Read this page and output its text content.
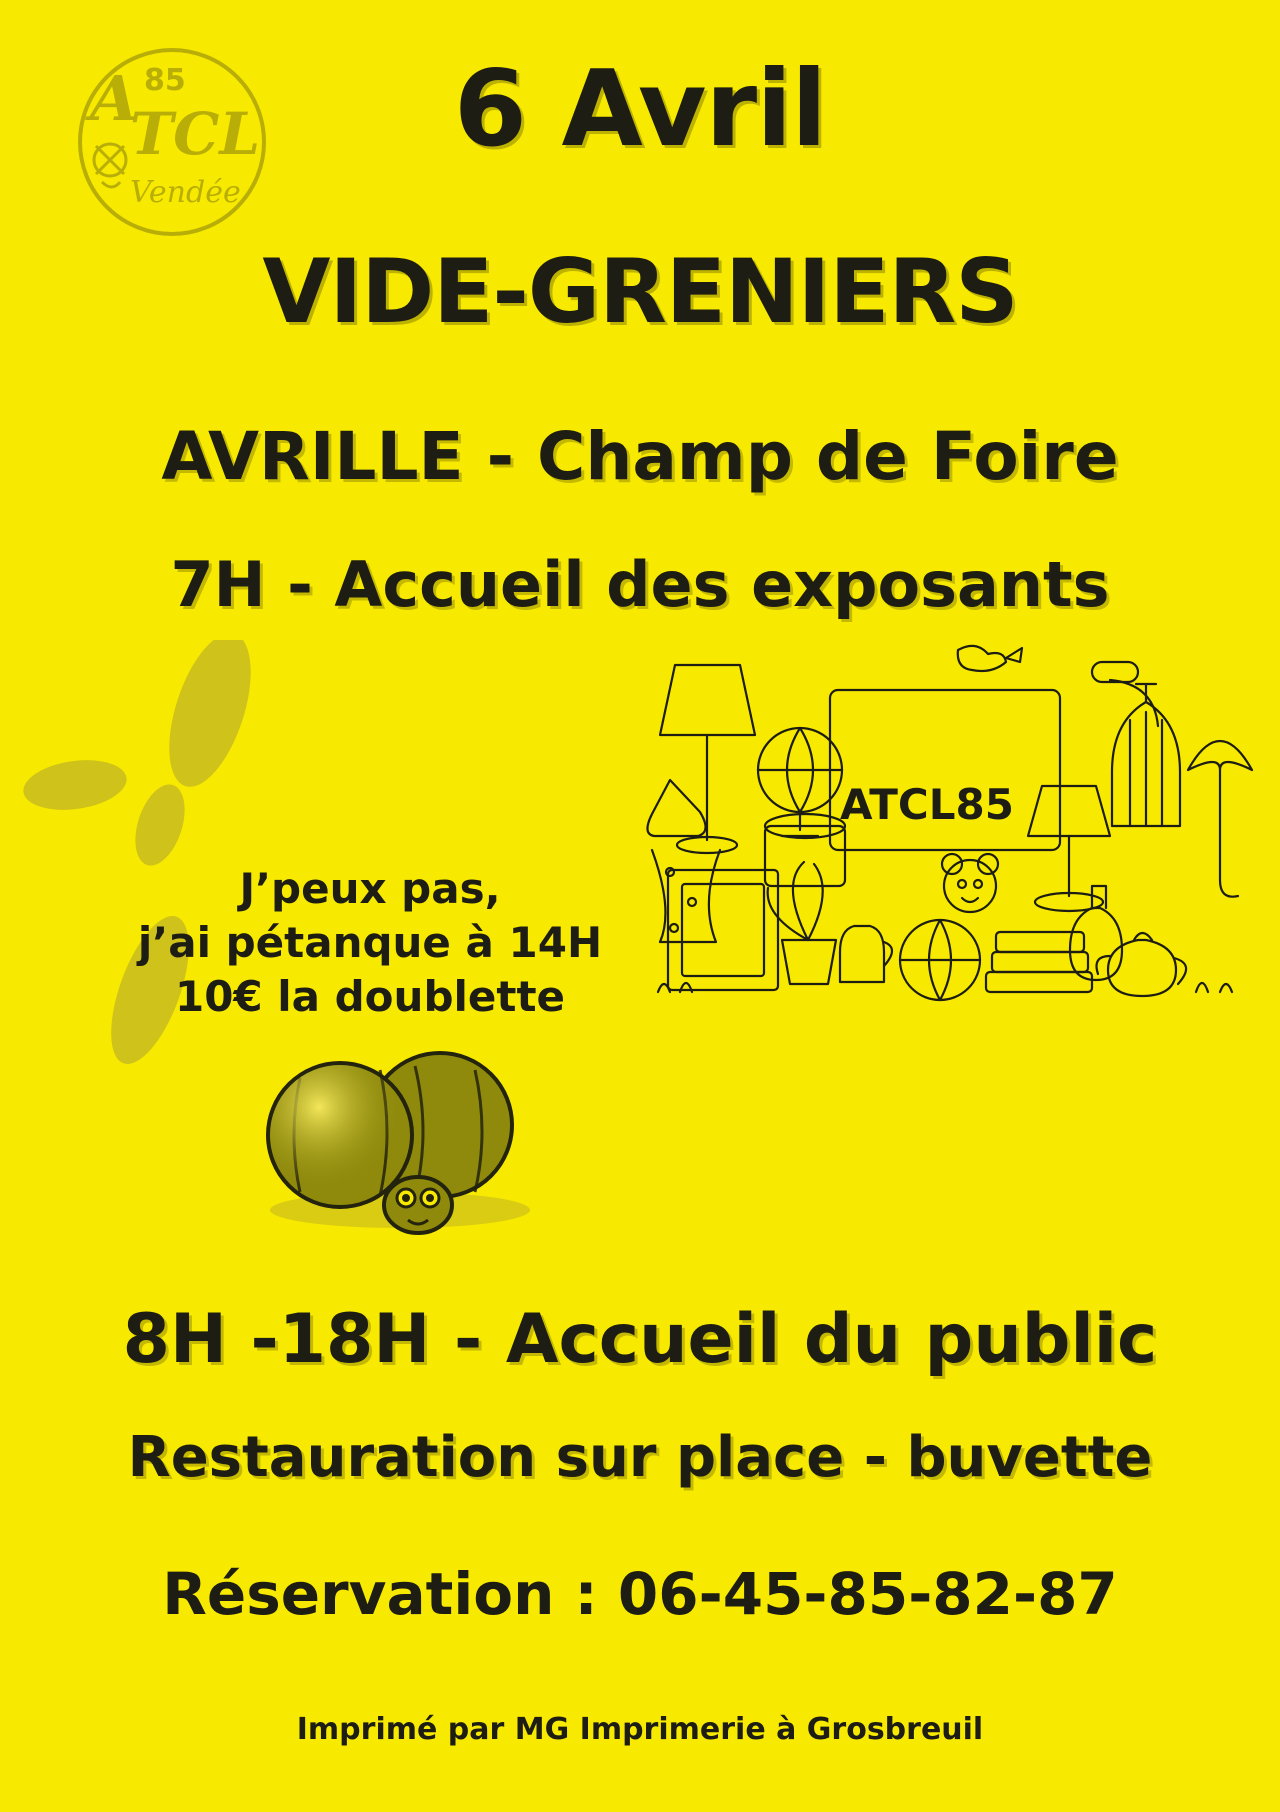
A 85
TCL
Vendée
6 Avril
VIDE-GRENIERS
AVRILLE - Champ de Foire
7H - Accueil des exposants
J’peux pas,
j’ai pétanque à 14H
10€ la doublette
ATCL85
8H -18H - Accueil du public
Restauration sur place - buvette
Réservation : 06-45-85-82-87
Imprimé par MG Imprimerie à Grosbreuil
